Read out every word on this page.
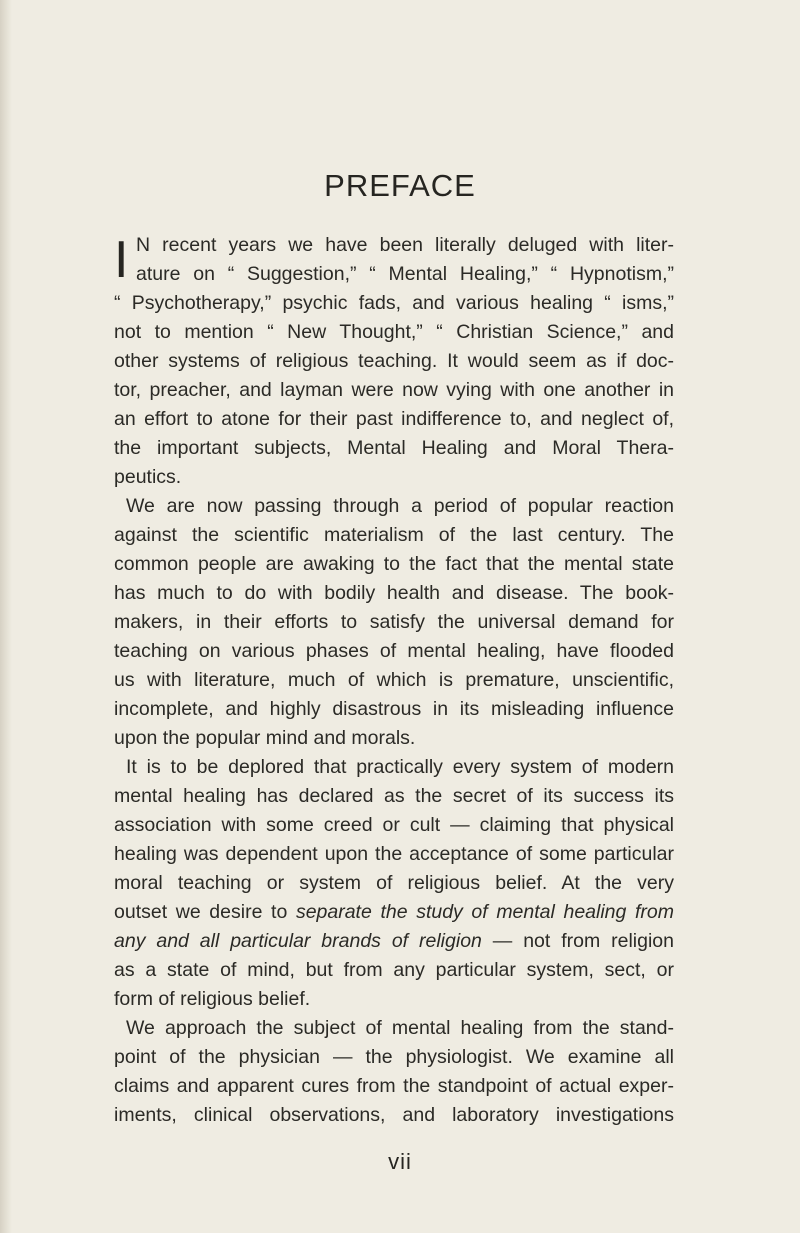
PREFACE
I N recent years we have been literally deluged with liter-
ature on “ Suggestion,” “ Mental Healing,” “ Hypnotism,”
“ Psychotherapy,” psychic fads, and various healing “ isms,”
not to mention “ New Thought,” “ Christian Science,” and
other systems of religious teaching. It would seem as if doc-
tor, preacher, and layman were now vying with one another in
an effort to atone for their past indifference to, and neglect of,
the important subjects, Mental Healing and Moral Thera-
peutics.
We are now passing through a period of popular reaction
against the scientific materialism of the last century. The
common people are awaking to the fact that the mental state
has much to do with bodily health and disease. The book-
makers, in their efforts to satisfy the universal demand for
teaching on various phases of mental healing, have flooded
us with literature, much of which is premature, unscientific,
incomplete, and highly disastrous in its misleading influence
upon the popular mind and morals.
It is to be deplored that practically every system of modern
mental healing has declared as the secret of its success its
association with some creed or cult — claiming that physical
healing was dependent upon the acceptance of some particular
moral teaching or system of religious belief. At the very
outset we desire to separate the study of mental healing from
any and all particular brands of religion — not from religion
as a state of mind, but from any particular system, sect, or
form of religious belief.
We approach the subject of mental healing from the stand-
point of the physician — the physiologist. We examine all
claims and apparent cures from the standpoint of actual exper-
iments, clinical observations, and laboratory investigations
vii
